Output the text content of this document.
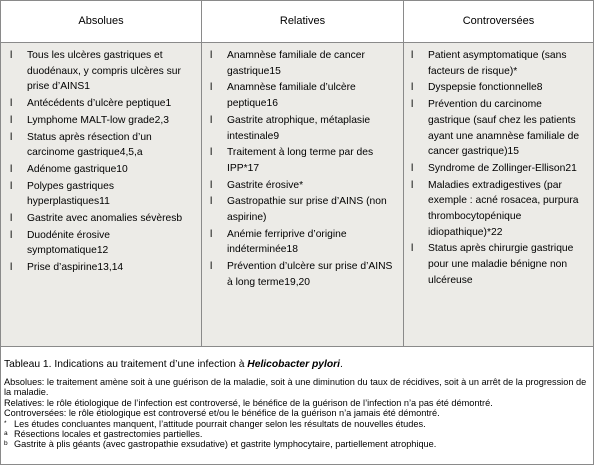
Absolues	Relatives	Controversées
l Tous les ulcères gastriques et duodénaux, y compris ulcères sur prise d’AINS1
l Antécédents d’ulcère peptique1
l Lymphome MALT-low grade2,3
l Status après résection d’un carcinome gastrique4,5,a
l Adénome gastrique10
l Polypes gastriques hyperplastiques11
l Gastrite avec anomalies sévèresb
l Duodénite érosive symptomatique12
l Prise d’aspirine13,14
l Anamnèse familiale de cancer gastrique15
l Anamnèse familiale d’ulcère peptique16
l Gastrite atrophique, métaplasie intestinale9
l Traitement à long terme par des IPP*17
l Gastrite érosive*
l Gastropathie sur prise d’AINS (non aspirine)
l Anémie ferriprive d’origine indéterminée18
l Prévention d’ulcère sur prise d’AINS à long terme19,20
l Patient asymptomatique (sans facteurs de risque)*
l Dyspepsie fonctionnelle8
l Prévention du carcinome gastrique (sauf chez les patients ayant une anamnèse familiale de cancer gastrique)15
l Syndrome de Zollinger-Ellison21
l Maladies extradigestives (par exemple : acné rosacea, purpura thrombocytopénique idiopathique)*22
l Status après chirurgie gastrique pour une maladie bénigne non ulcéreuse
Tableau 1. Indications au traitement d’une infection à Helicobacter pylori.
Absolues: le traitement amène soit à une guérison de la maladie, soit à une diminution du taux de récidives, soit à un arrêt de la progression de la maladie.
Relatives: le rôle étiologique de l’infection est controversé, le bénéfice de la guérison de l’infection n’a pas été démontré.
Controversées: le rôle étiologique est controversé et/ou le bénéfice de la guérison n’a jamais été démontré.
* Les études concluantes manquent, l’attitude pourrait changer selon les résultats de nouvelles études.
a Résections locales et gastrectomies partielles.
b Gastrite à plis géants (avec gastropathie exsudative) et gastrite lymphocytaire, partiellement atrophique.
